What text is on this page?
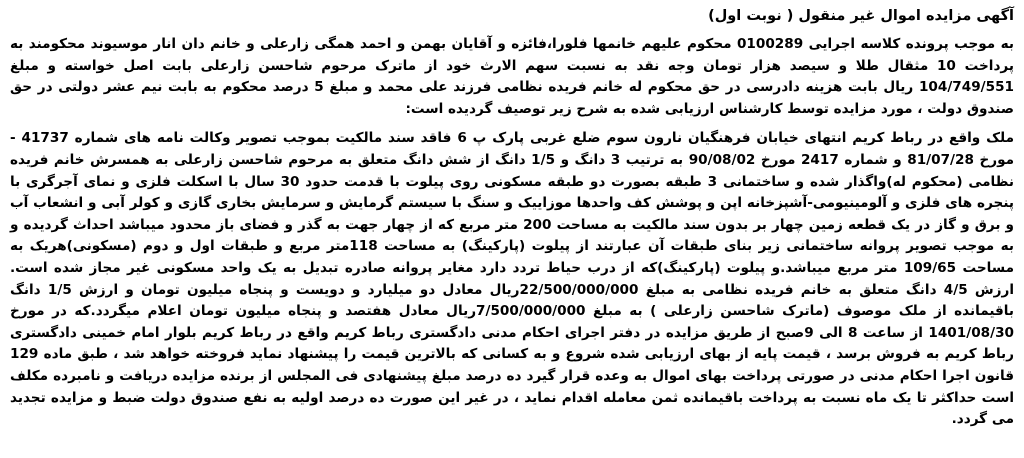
آگهی مزایده اموال غیر منقول ( نوبت اول)

به موجب پرونده کلاسه اجرایی 0100289 محکوم علیهم خانمها فلورا،فائزه و آقایان بهمن و احمد همگی زارعلی و خانم دان انار موسیوند محکومند به پرداخت 10 مثقال طلا و سیصد هزار تومان وجه نقد به نسبت سهم الارث خود از ماترک مرحوم شاحسن زارعلی بابت اصل خواسته و مبلغ 104/749/551 ریال بابت هزینه دادرسی در حق محکوم له خانم فریده نظامی فرزند علی محمد و مبلغ 5 درصد محکوم به بابت نیم عشر دولتی در حق صندوق دولت ، مورد مزایده توسط کارشناس ارزیابی شده به شرح زیر توصیف گردیده است:

ملک واقع در رباط کریم انتهای خیابان فرهنگیان نارون سوم ضلع غربی پارک پ 6 فاقد سند مالکیت بموجب تصویر وکالت نامه های شماره 41737 - مورخ 81/07/28 و شماره 2417 مورخ 90/08/02 به ترتیب 3 دانگ و 1/5 دانگ از شش دانگ متعلق به مرحوم شاحسن زارعلی به همسرش خانم فریده نظامی (محکوم له)واگذار شده و ساختمانی 3 طبقه بصورت دو طبقه مسکونی روی پیلوت با قدمت حدود 30 سال با اسکلت فلزی و نمای آجرگری با پنجره های فلزی و آلومینیومی-آشپزخانه اپن و پوشش کف واحدها موزاییک و سنگ با سیستم گرمایش و سرمایش بخاری گازی و کولر آبی و انشعاب آب و برق و گاز در یک قطعه زمین چهار بر بدون سند مالکیت به مساحت 200 متر مربع که از چهار جهت به گذر و فضای باز محدود میباشد احداث گردیده و به موجب تصویر پروانه ساختمانی زیر بنای طبقات آن عبارتند از پیلوت (پارکینگ) به مساحت 118متر مربع و طبقات اول و دوم (مسکونی)هریک به مساحت 109/65 متر مربع میباشد.و پیلوت (پارکینگ)که از درب حیاط تردد دارد مغایر پروانه صادره تبدیل به یک واحد مسکونی غیر مجاز شده است. ارزش 4/5 دانگ متعلق به خانم فریده نظامی به مبلغ 22/500/000/000ریال معادل دو میلیارد و دویست و پنجاه میلیون تومان و ارزش 1/5 دانگ باقیمانده از ملک موصوف (ماترک شاحسن زارعلی ) به مبلغ 7/500/000/000ریال معادل هفتصد و پنجاه میلیون تومان اعلام میگردد.که در مورخ 1401/08/30 از ساعت 8 الی 9صبح از طریق مزایده در دفتر اجرای احکام مدنی دادگستری رباط کریم واقع در رباط کریم بلوار امام خمینی دادگستری رباط کریم به فروش برسد ، قیمت پایه از بهای ارزیابی شده شروع و به کسانی که بالاترین قیمت را پیشنهاد نماید فروخته خواهد شد ، طبق ماده 129 قانون اجرا احکام مدنی در صورتی پرداخت بهای اموال به وعده قرار گیرد ده درصد مبلغ پیشنهادی فی المجلس از برنده مزایده دریافت و نامبرده مکلف است حداکثر تا یک ماه نسبت به پرداخت باقیمانده ثمن معامله اقدام نماید ، در غیر این صورت ده درصد اولیه به نفع صندوق دولت ضبط و مزایده تجدید می گردد.
